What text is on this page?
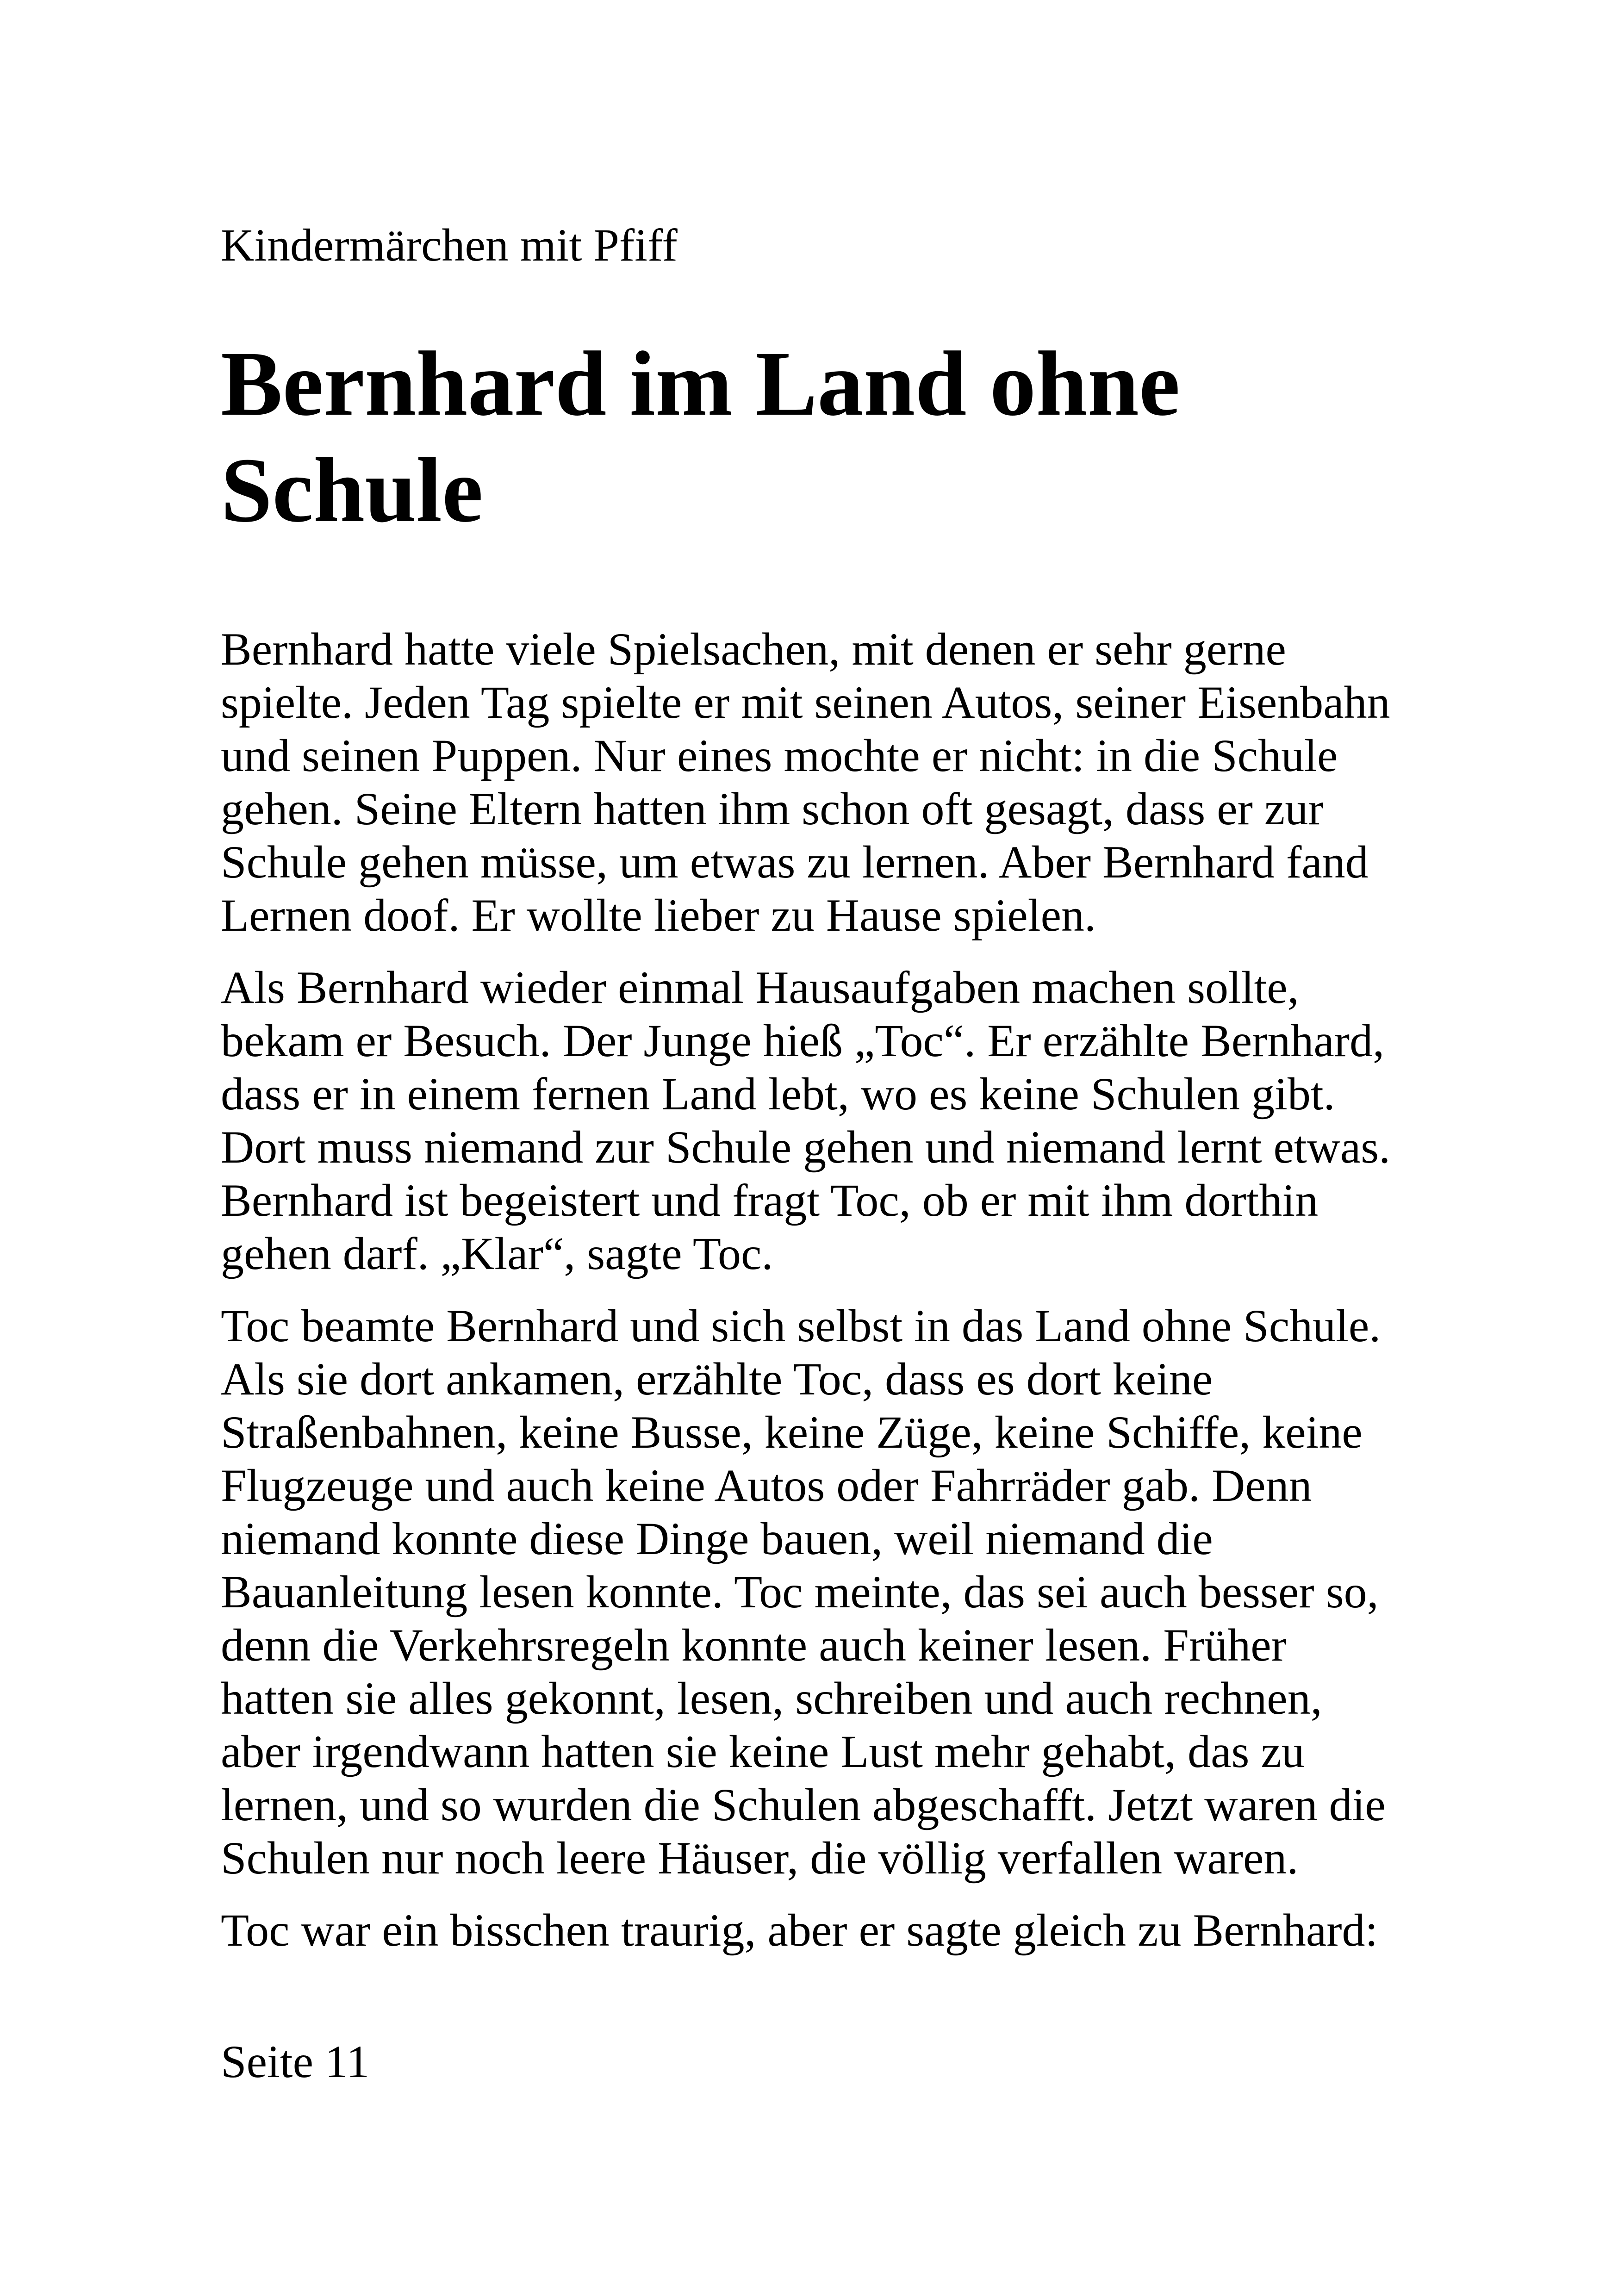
Kindermärchen mit Pfiff
Bernhard im Land ohne
Schule

Bernhard hatte viele Spielsachen, mit denen er sehr gerne
spielte. Jeden Tag spielte er mit seinen Autos, seiner Eisenbahn
und seinen Puppen. Nur eines mochte er nicht: in die Schule
gehen. Seine Eltern hatten ihm schon oft gesagt, dass er zur
Schule gehen müsse, um etwas zu lernen. Aber Bernhard fand
Lernen doof. Er wollte lieber zu Hause spielen.

Als Bernhard wieder einmal Hausaufgaben machen sollte,
bekam er Besuch. Der Junge hieß „Toc“. Er erzählte Bernhard,
dass er in einem fernen Land lebt, wo es keine Schulen gibt.
Dort muss niemand zur Schule gehen und niemand lernt etwas.
Bernhard ist begeistert und fragt Toc, ob er mit ihm dorthin
gehen darf. „Klar“, sagte Toc.

Toc beamte Bernhard und sich selbst in das Land ohne Schule.
Als sie dort ankamen, erzählte Toc, dass es dort keine
Straßenbahnen, keine Busse, keine Züge, keine Schiffe, keine
Flugzeuge und auch keine Autos oder Fahrräder gab. Denn
niemand konnte diese Dinge bauen, weil niemand die
Bauanleitung lesen konnte. Toc meinte, das sei auch besser so,
denn die Verkehrsregeln konnte auch keiner lesen. Früher
hatten sie alles gekonnt, lesen, schreiben und auch rechnen,
aber irgendwann hatten sie keine Lust mehr gehabt, das zu
lernen, und so wurden die Schulen abgeschafft. Jetzt waren die
Schulen nur noch leere Häuser, die völlig verfallen waren.

Toc war ein bisschen traurig, aber er sagte gleich zu Bernhard:

Seite 11
